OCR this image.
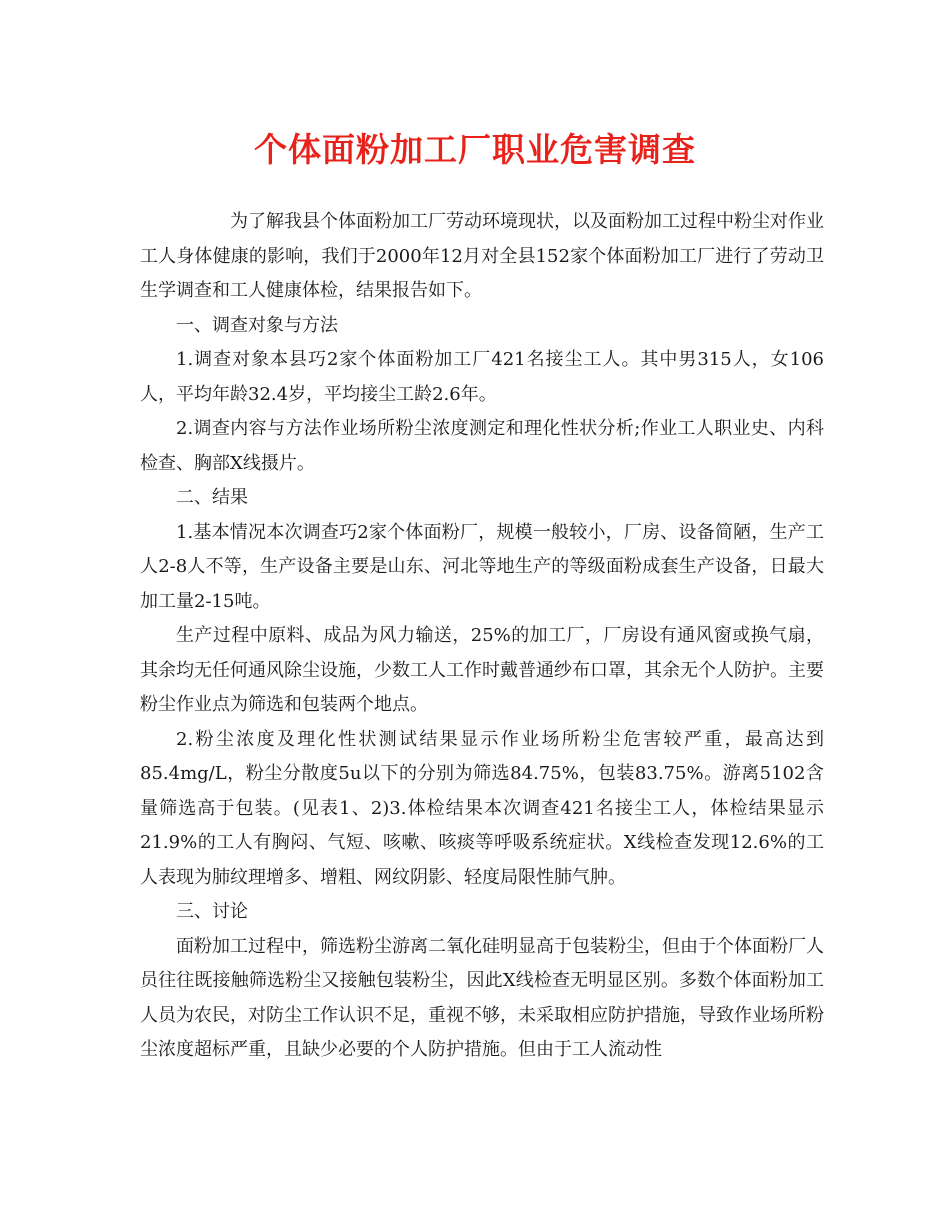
个体面粉加工厂职业危害调查

为了解我县个体面粉加工厂劳动环境现状，以及面粉加工过程中粉尘对作业工人身体健康的影响，我们于2000年12月对全县152家个体面粉加工厂进行了劳动卫生学调查和工人健康体检，结果报告如下。

一、调查对象与方法

1.调查对象本县巧2家个体面粉加工厂421名接尘工人。其中男315人，女106人，平均年龄32.4岁，平均接尘工龄2.6年。

2.调查内容与方法作业场所粉尘浓度测定和理化性状分析;作业工人职业史、内科检查、胸部X线摄片。

二、结果

1.基本情况本次调查巧2家个体面粉厂，规模一般较小，厂房、设备简陋，生产工人2-8人不等，生产设备主要是山东、河北等地生产的等级面粉成套生产设备，日最大加工量2-15吨。

生产过程中原料、成品为风力输送，25%的加工厂，厂房设有通风窗或换气扇，其余均无任何通风除尘设施，少数工人工作时戴普通纱布口罩，其余无个人防护。主要粉尘作业点为筛选和包装两个地点。

2.粉尘浓度及理化性状测试结果显示作业场所粉尘危害较严重，最高达到85.4mg/L，粉尘分散度5u以下的分别为筛选84.75%，包装83.75%。游离5102含量筛选高于包装。(见表1、2)3.体检结果本次调查421名接尘工人，体检结果显示21.9%的工人有胸闷、气短、咳嗽、咳痰等呼吸系统症状。X线检查发现12.6%的工人表现为肺纹理增多、增粗、网纹阴影、轻度局限性肺气肿。

三、讨论

面粉加工过程中，筛选粉尘游离二氧化硅明显高于包装粉尘，但由于个体面粉厂人员往往既接触筛选粉尘又接触包装粉尘，因此X线检查无明显区别。多数个体面粉加工人员为农民，对防尘工作认识不足，重视不够，未采取相应防护措施，导致作业场所粉尘浓度超标严重，且缺少必要的个人防护措施。但由于工人流动性
